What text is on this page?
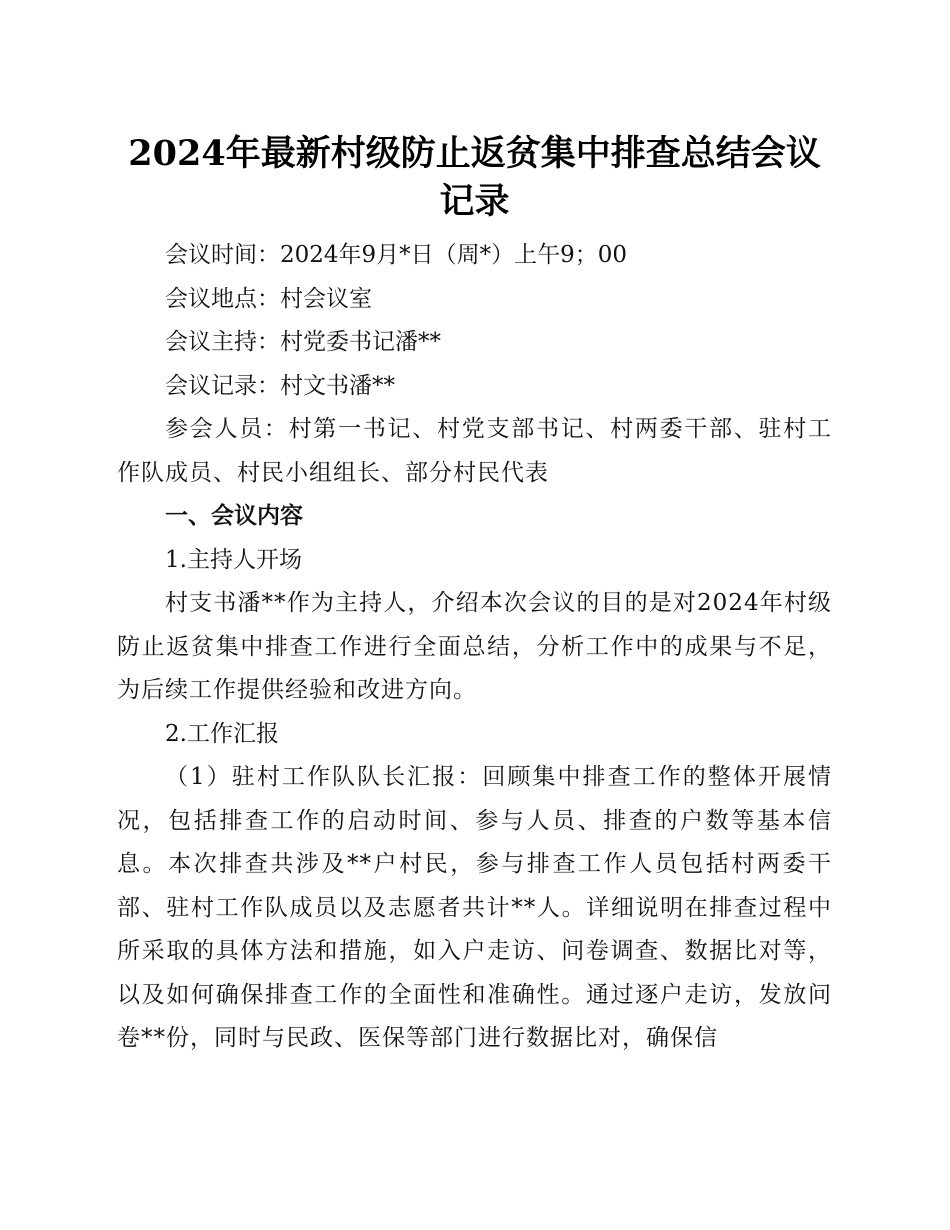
2024年最新村级防止返贫集中排查总结会议记录

会议时间：2024年9月*日（周*）上午9；00

会议地点：村会议室

会议主持：村党委书记潘**

会议记录：村文书潘**

参会人员：村第一书记、村党支部书记、村两委干部、驻村工作队成员、村民小组组长、部分村民代表

一、会议内容

1.主持人开场

村支书潘**作为主持人，介绍本次会议的目的是对2024年村级防止返贫集中排查工作进行全面总结，分析工作中的成果与不足，为后续工作提供经验和改进方向。

2.工作汇报

（1）驻村工作队队长汇报：回顾集中排查工作的整体开展情况，包括排查工作的启动时间、参与人员、排查的户数等基本信息。本次排查共涉及**户村民，参与排查工作人员包括村两委干部、驻村工作队成员以及志愿者共计**人。详细说明在排查过程中所采取的具体方法和措施，如入户走访、问卷调查、数据比对等，以及如何确保排查工作的全面性和准确性。通过逐户走访，发放问卷**份，同时与民政、医保等部门进行数据比对，确保信
